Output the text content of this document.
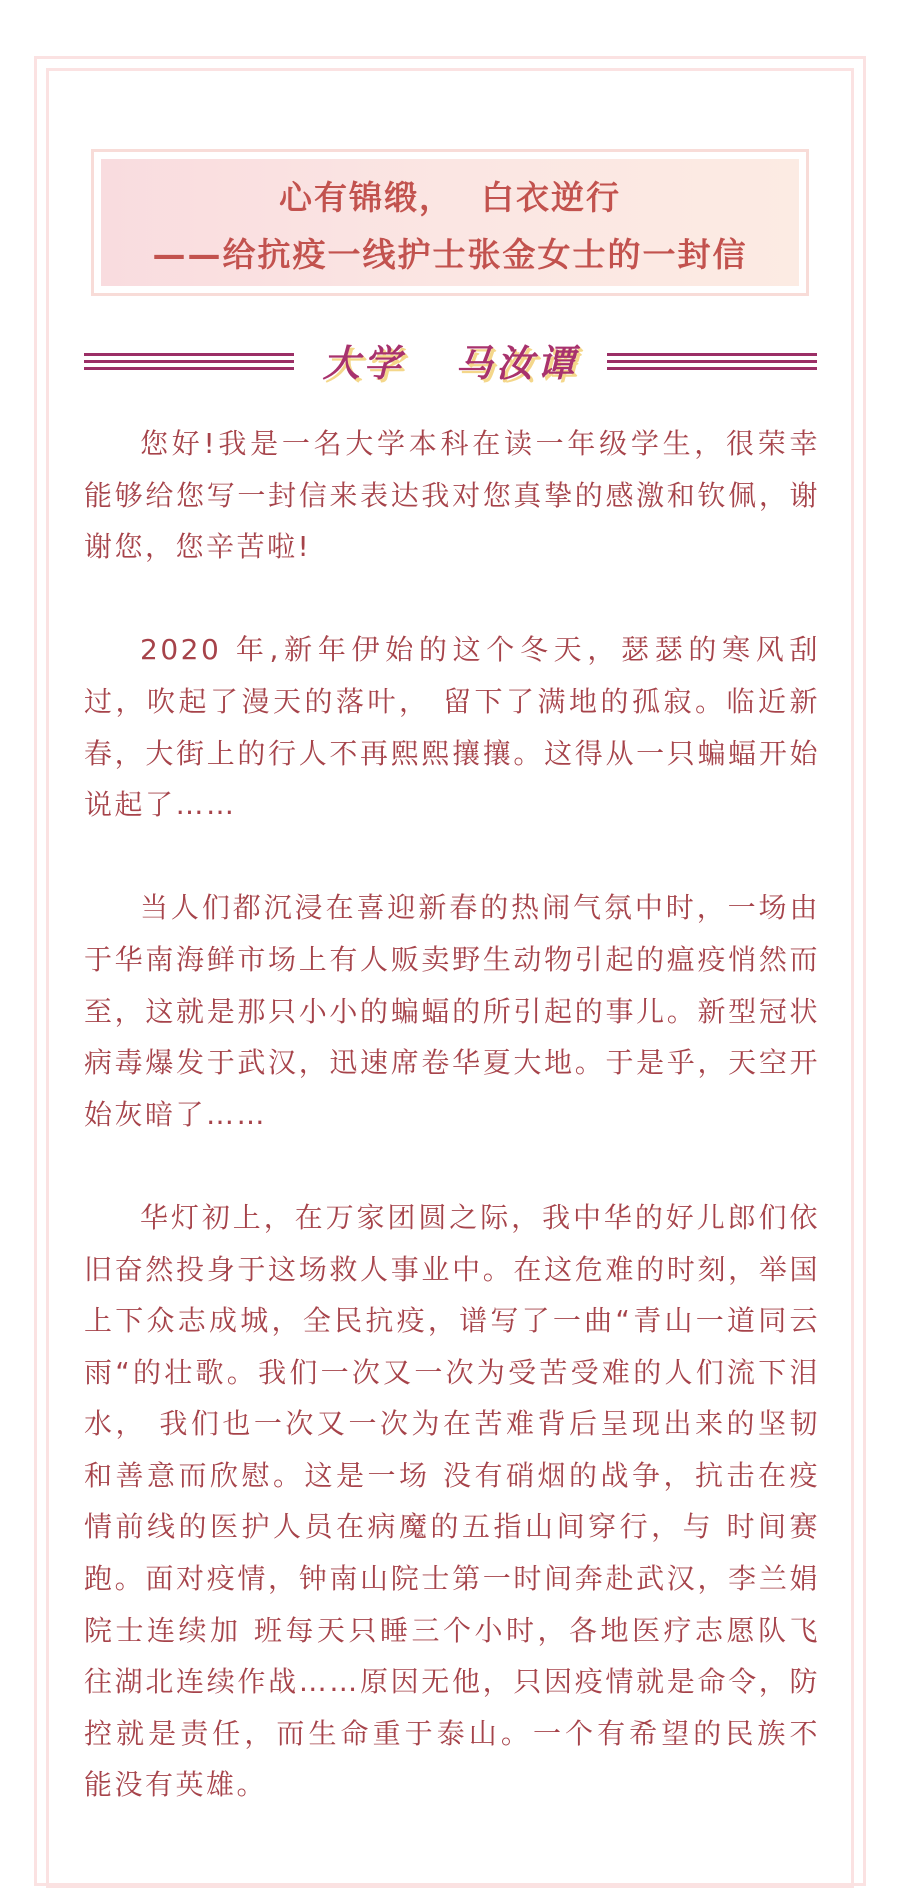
心有锦缎，  白衣逆行
——给抗疫一线护士张金女士的一封信
大学   马汝谭

您好!我是一名大学本科在读一年级学生，很荣幸能够给您写一封信来表达我对您真挚的感激和钦佩，谢谢您，您辛苦啦!

2020 年,新年伊始的这个冬天，瑟瑟的寒风刮过，吹起了漫天的落叶， 留下了满地的孤寂。临近新春，大街上的行人不再熙熙攘攘。这得从一只蝙蝠开始说起了……

当人们都沉浸在喜迎新春的热闹气氛中时，一场由于华南海鲜市场上有人贩卖野生动物引起的瘟疫悄然而至，这就是那只小小的蝙蝠的所引起的事儿。新型冠状病毒爆发于武汉，迅速席卷华夏大地。于是乎，天空开始灰暗了……

华灯初上，在万家团圆之际，我中华的好儿郎们依旧奋然投身于这场救人事业中。在这危难的时刻，举国上下众志成城，全民抗疫，谱写了一曲“青山一道同云雨“的壮歌。我们一次又一次为受苦受难的人们流下泪水， 我们也一次又一次为在苦难背后呈现出来的坚韧和善意而欣慰。这是一场 没有硝烟的战争，抗击在疫情前线的医护人员在病魔的五指山间穿行，与 时间赛跑。面对疫情，钟南山院士第一时间奔赴武汉，李兰娟院士连续加 班每天只睡三个小时，各地医疗志愿队飞往湖北连续作战……原因无他，只因疫情就是命令，防控就是责任，而生命重于泰山。一个有希望的民族不 能没有英雄。
